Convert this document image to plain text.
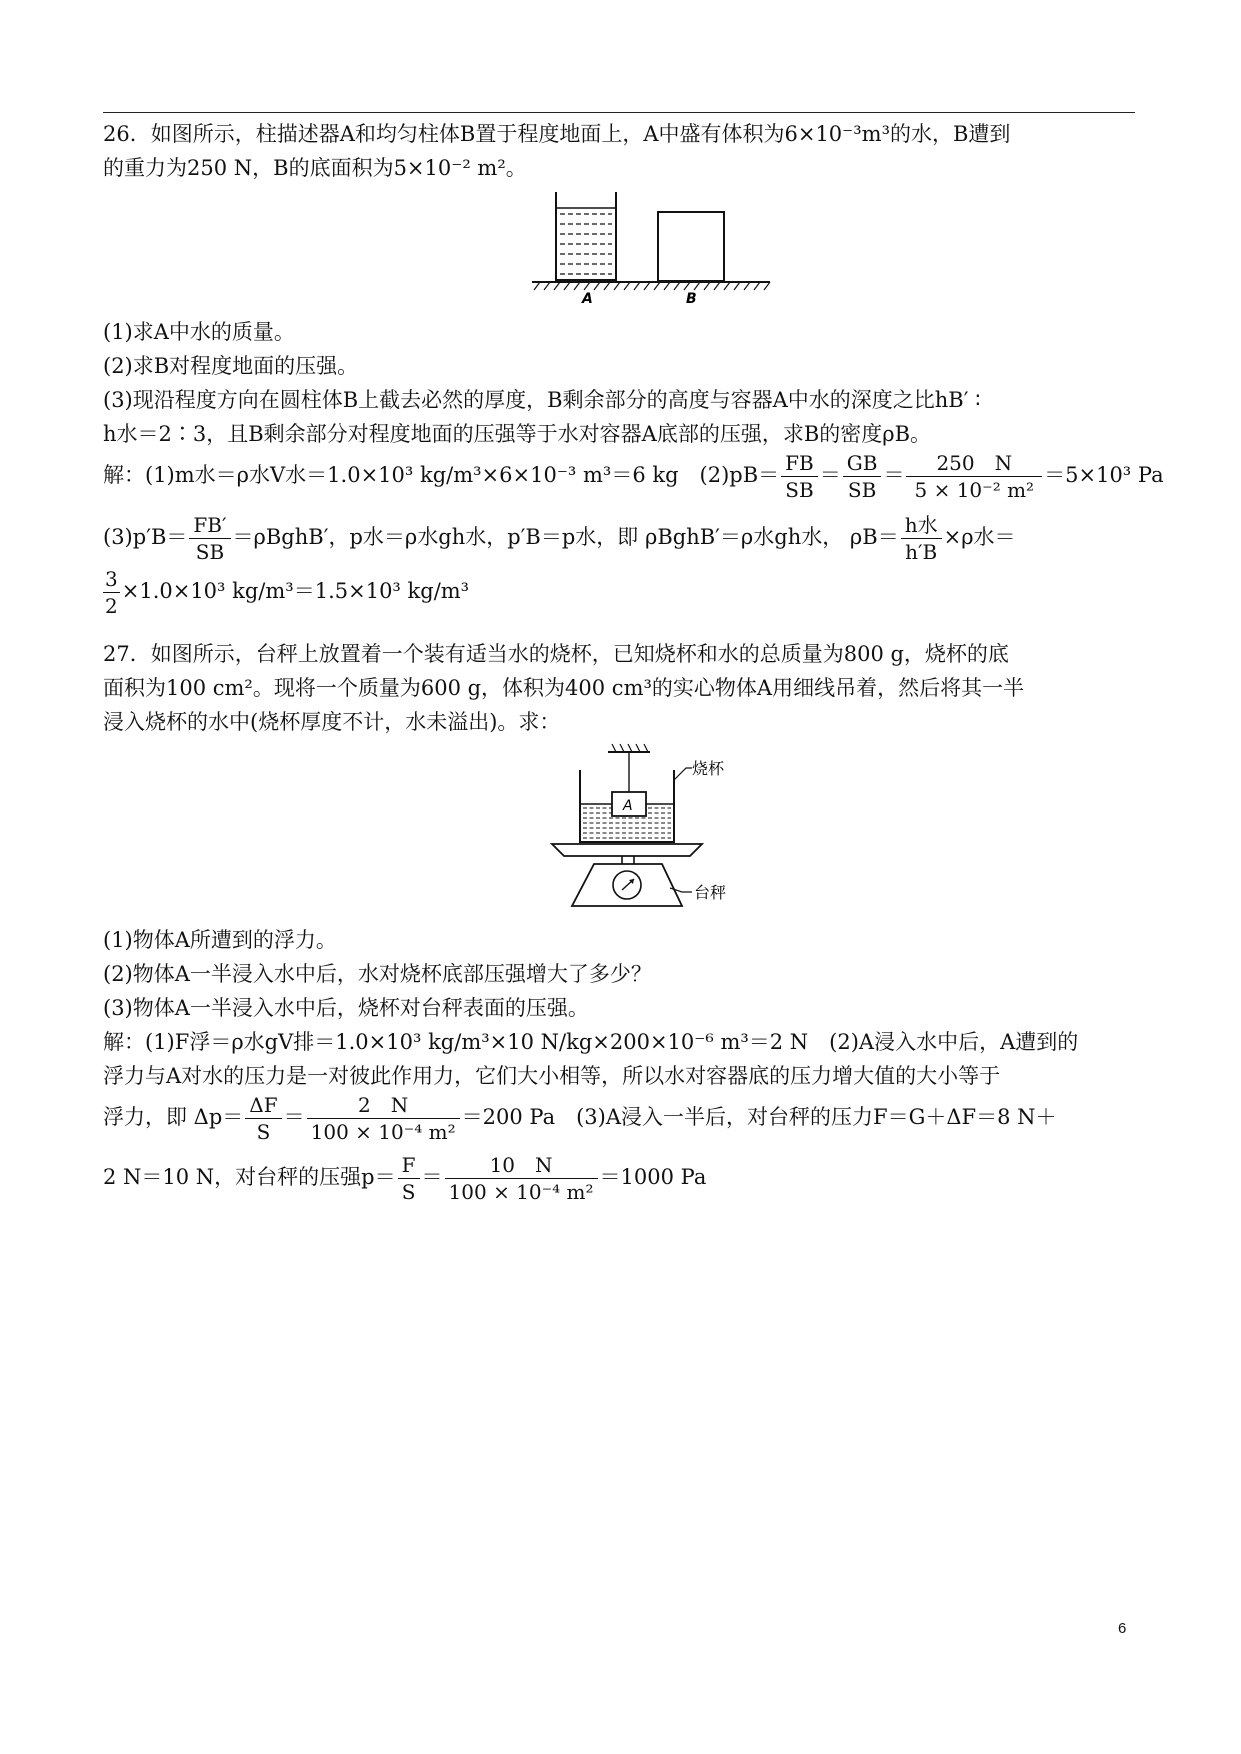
26．如图所示，柱描述器A和均匀柱体B置于程度地面上，A中盛有体积为6×10⁻³m³的水，B遭到
的重力为250 N，B的底面积为5×10⁻² m²。
A	B
(1)求A中水的质量。
(2)求B对程度地面的压强。
(3)现沿程度方向在圆柱体B上截去必然的厚度，B剩余部分的高度与容器A中水的深度之比hB′ ∶
h水＝2∶3，且B剩余部分对程度地面的压强等于水对容器A底部的压强，求B的密度ρB。
解：(1)m水＝ρ水V水＝1.0×10³ kg/m³×6×10⁻³ m³＝6 kg　$(2)pB= \frac{FB}{SB} = \frac{GB}{SB} = \frac{250 N}{\text{5 × 10⁻² m²}} =5\times 10^3$ Pa
$(3)p'B= \frac{FB'}{SB}$ ＝ρBghB′，p水＝ρ水gh水，p′B＝p水，即 ρBghB′＝ρ水gh水， $\rho B= \frac{\text{h水}}{h'B} \times\rho$水＝
$\frac{3}{2} \times 1.0\times 10^3$ kg/m³＝1.5×10³ kg/m³
27．如图所示，台秤上放置着一个装有适当水的烧杯，已知烧杯和水的总质量为800 g，烧杯的底
面积为100 cm²。现将一个质量为600 g，体积为400 cm³的实心物体A用细线吊着，然后将其一半
浸入烧杯的水中(烧杯厚度不计，水未溢出)。求：
A
烧杯
台秤
(1)物体A所遭到的浮力。
(2)物体A一半浸入水中后，水对烧杯底部压强增大了多少？
(3)物体A一半浸入水中后，烧杯对台秤表面的压强。
解：(1)F浮＝ρ水gV排＝1.0×10³ kg/m³×10 N/kg×200×10⁻⁶ m³＝2 N　(2)A浸入水中后，A遭到的
浮力与A对水的压力是一对彼此作用力，它们大小相等，所以水对容器底的压力增大值的大小等于
浮力，即 $\Delta p= \frac{\Delta F}{S} = \frac{2 N}{\text{100 × 10⁻⁴ m²}} =200$ Pa　(3)A浸入一半后，对台秤的压力F＝G＋ΔF＝8 N＋
2 N＝10 N，对台秤的压强$p= \frac{F}{S} = \frac{10 N}{\text{100 × 10⁻⁴ m²}} =1000$ Pa
6
